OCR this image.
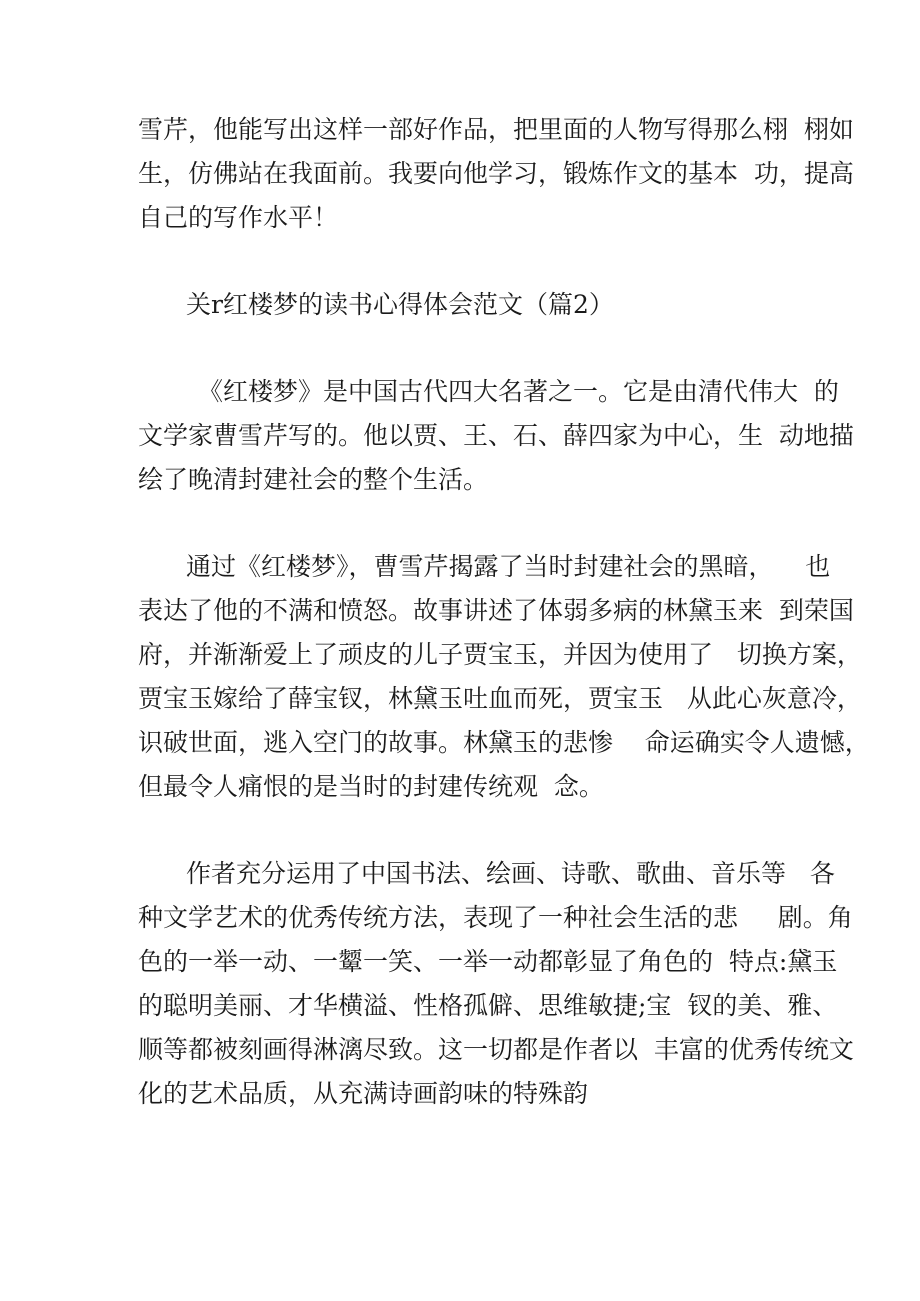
雪芹，他能写出这样一部好作品，把里面的人物写得那么栩  栩如
生，仿佛站在我面前。我要向他学习，锻炼作文的基本  功，提高
自己的写作水平！
关r红楼梦的读书心得体会范文（篇2）
《红楼梦》是中国古代四大名著之一。它是由清代伟大  的
文学家曹雪芹写的。他以贾、王、石、薛四家为中心，生  动地描
绘了晚清封建社会的整个生活。
通过《红楼梦》，曹雪芹揭露了当时封建社会的黑暗，    也
表达了他的不满和愤怒。故事讲述了体弱多病的林黛玉来  到荣国
府，并渐渐爱上了顽皮的儿子贾宝玉，并因为使用了   切换方案，
贾宝玉嫁给了薛宝钗，林黛玉吐血而死，贾宝玉   从此心灰意冷，
识破世面，逃入空门的故事。林黛玉的悲惨    命运确实令人遗憾，
但最令人痛恨的是当时的封建传统观  念。
作者充分运用了中国书法、绘画、诗歌、歌曲、音乐等   各
种文学艺术的优秀传统方法，表现了一种社会生活的悲     剧。角
色的一举一动、一颦一笑、一举一动都彰显了角色的  特点:黛玉
的聪明美丽、才华横溢、性格孤僻、思维敏捷;宝  钗的美、雅、
顺等都被刻画得淋漓尽致。这一切都是作者以  丰富的优秀传统文
化的艺术品质，从充满诗画韵味的特殊韵
